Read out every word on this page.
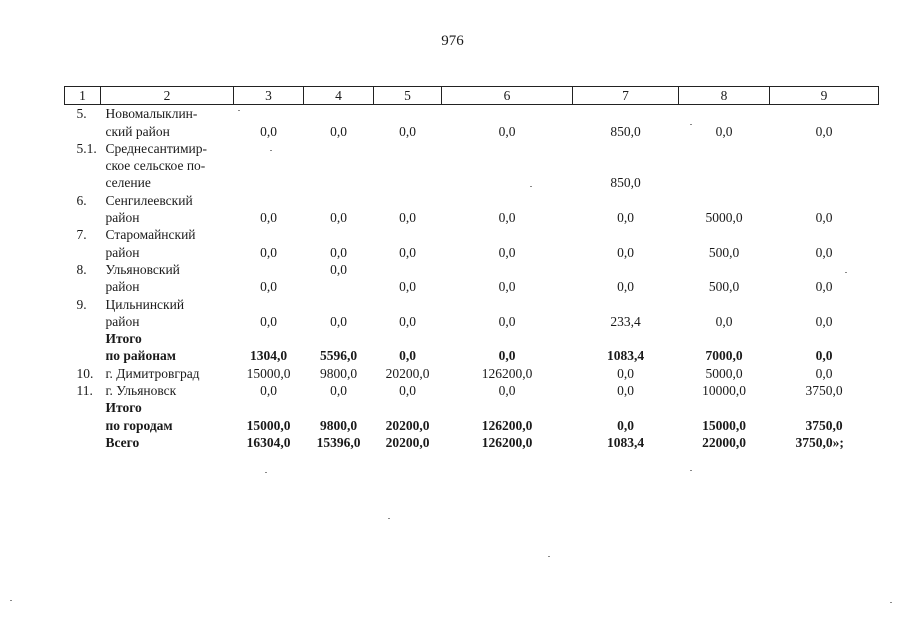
976
1	2	3	4	5	6	7	8	9
5.	Новомалыклин-
ский район	0,0	0,0	0,0	0,0	850,0	0,0	0,0
5.1.	Среднесантимир-
ское сельское по-
селение					850,0		
6.	Сенгилеевский
район	0,0	0,0	0,0	0,0	0,0	5000,0	0,0
7.	Старомайнский
район	0,0	0,0	0,0	0,0	0,0	500,0	0,0
8.	Ульяновский
район	0,0	0,0	0,0	0,0	0,0	500,0	0,0
9.	Цильнинский
район	0,0	0,0	0,0	0,0	233,4	0,0	0,0

	Итого
по районам	1304,0	5596,0	0,0	0,0	1083,4	7000,0	0,0
10.	г. Димитровград	15000,0	9800,0	20200,0	126200,0	0,0	5000,0	0,0
11.	г. Ульяновск	0,0	0,0	0,0	0,0	0,0	10000,0	3750,0

	Итого
по городам	15000,0	9800,0	20200,0	126200,0	0,0	15000,0	3750,0

	Всего	16304,0	15396,0	20200,0	126200,0	1083,4	22000,0	3750,0»;
